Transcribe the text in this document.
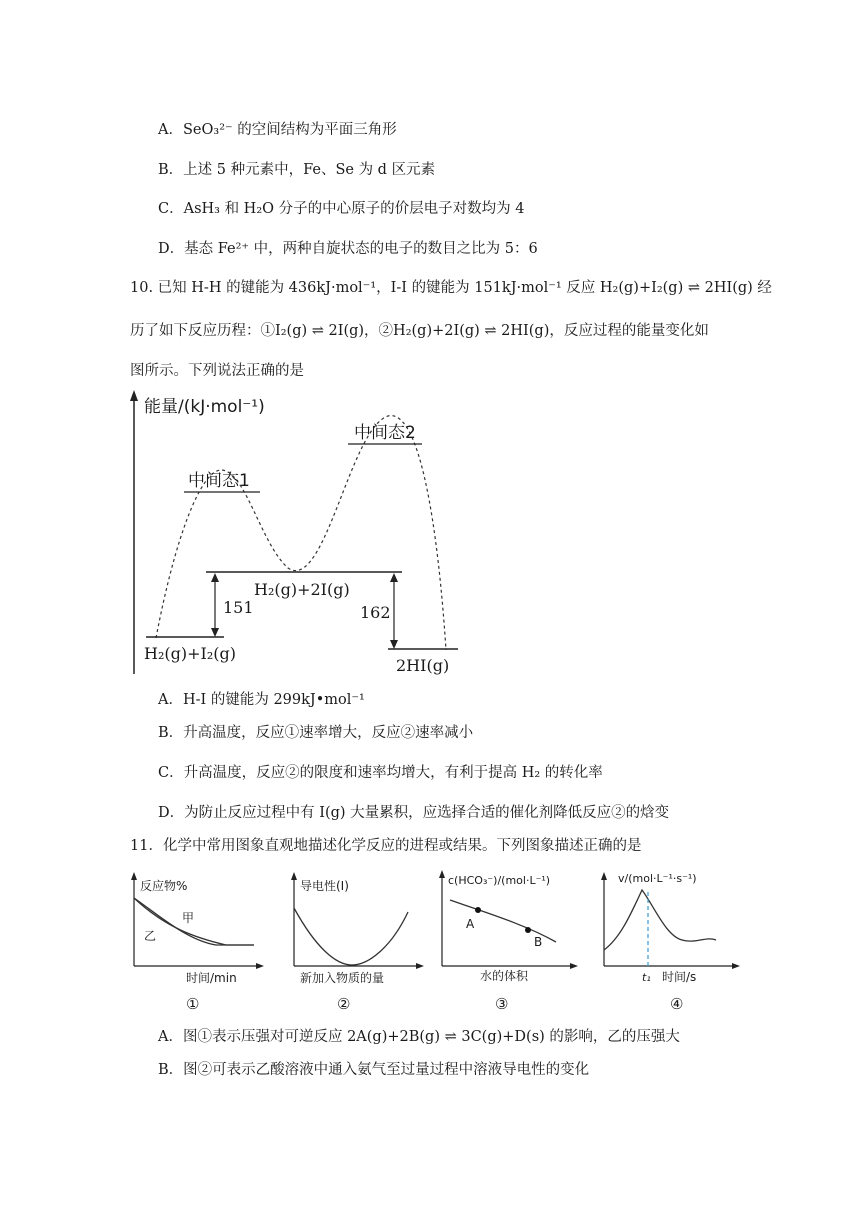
A．SeO₃²⁻ 的空间结构为平面三角形
B．上述 5 种元素中，Fe、Se 为 d 区元素
C．AsH₃ 和 H₂O 分子的中心原子的价层电子对数均为 4
D．基态 Fe²⁺ 中，两种自旋状态的电子的数目之比为 5：6
10. 已知 H-H 的键能为 436kJ·mol⁻¹，I-I 的键能为 151kJ·mol⁻¹ 反应 H₂(g)+I₂(g) ⇌ 2HI(g) 经
历了如下反应历程：①I₂(g) ⇌ 2I(g)，②H₂(g)+2I(g) ⇌ 2HI(g)，反应过程的能量变化如
图所示。下列说法正确的是
能量/(kJ·mol⁻¹)
中间态1
中间态2
H₂(g)+2I(g)
H₂(g)+I₂(g)
2HI(g)
151	162
A．H-I 的键能为 299kJ•mol⁻¹
B．升高温度，反应①速率增大，反应②速率减小
C．升高温度，反应②的限度和速率均增大，有利于提高 H₂ 的转化率
D．为防止反应过程中有 I(g) 大量累积，应选择合适的催化剂降低反应②的焓变
11．化学中常用图象直观地描述化学反应的进程或结果。下列图象描述正确的是
反应物%
甲
乙
时间/min
①
导电性(I)
新加入物质的量
②
c(HCO₃⁻)/(mol·L⁻¹)
A
B
水的体积
③
v/(mol·L⁻¹·s⁻¹)
t₁ 时间/s
④
A．图①表示压强对可逆反应 2A(g)+2B(g) ⇌ 3C(g)+D(s) 的影响，乙的压强大
B．图②可表示乙酸溶液中通入氨气至过量过程中溶液导电性的变化
